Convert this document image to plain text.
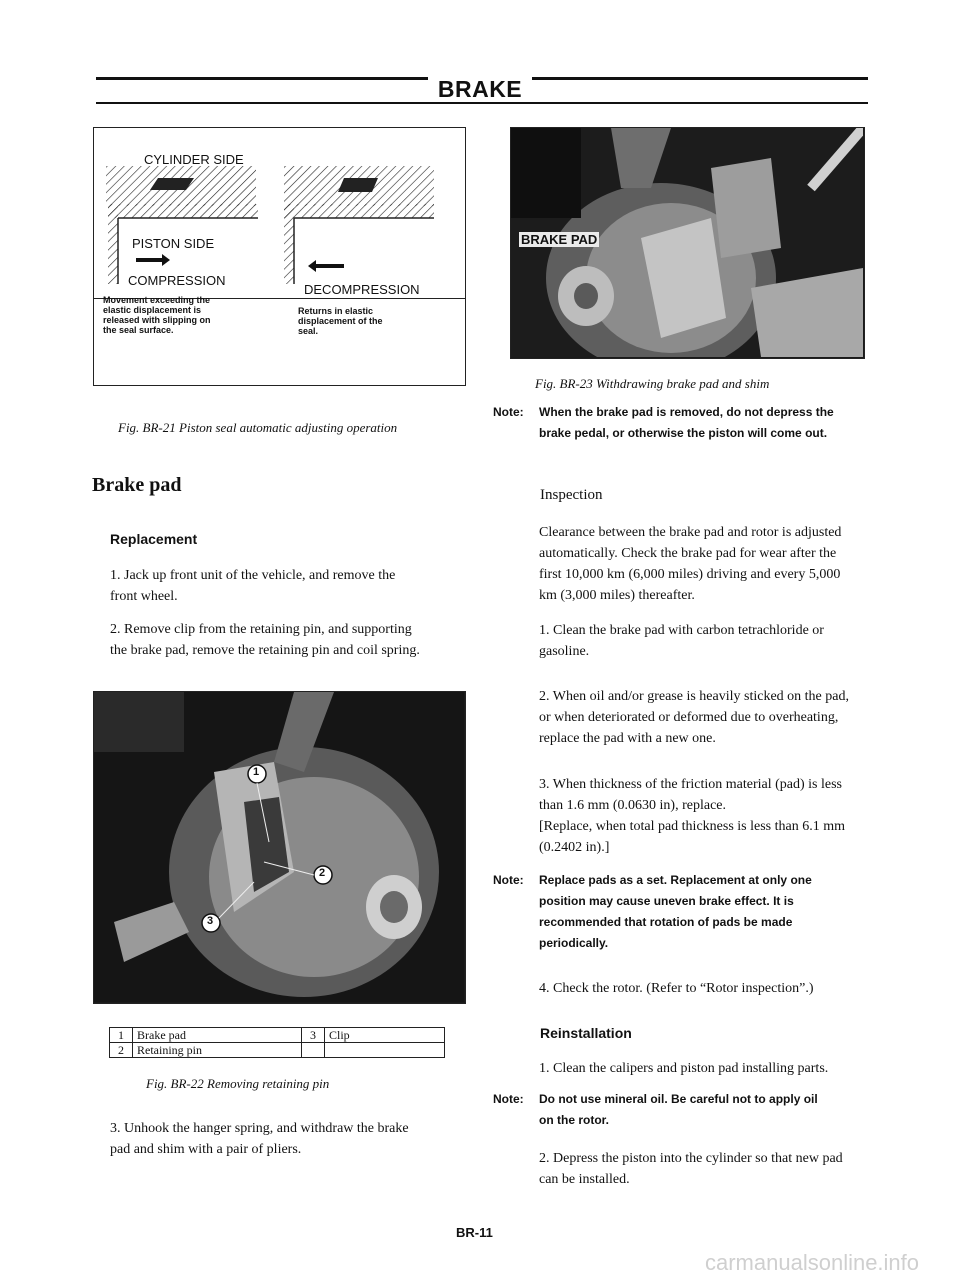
BRAKE
CYLINDER SIDE
PISTON SIDE
COMPRESSION
DECOMPRESSION
Movement exceeding the
elastic displacement is
released with slipping on
the seal surface.
Returns in elastic
displacement of the
seal.
Fig. BR-21 Piston seal automatic adjusting operation
Brake pad
Replacement
1. Jack up front unit of the vehicle, and remove the
front wheel.
2. Remove clip from the retaining pin, and supporting
the brake pad, remove the retaining pin and coil spring.
1
2
3
1	Brake pad	3	Clip
2	Retaining pin		
Fig. BR-22 Removing retaining pin
3. Unhook the hanger spring, and withdraw the brake
pad and shim with a pair of pliers.
BRAKE PAD
Fig. BR-23 Withdrawing brake pad and shim
Note: When the brake pad is removed, do not depress the
brake pedal, or otherwise the piston will come out.
Inspection
Clearance between the brake pad and rotor is adjusted
automatically. Check the brake pad for wear after the
first 10,000 km (6,000 miles) driving and every 5,000
km (3,000 miles) thereafter.
1. Clean the brake pad with carbon tetrachloride or
gasoline.
2. When oil and/or grease is heavily sticked on the pad,
or when deteriorated or deformed due to overheating,
replace the pad with a new one.
3. When thickness of the friction material (pad) is less
than 1.6 mm (0.0630 in), replace.
[Replace, when total pad thickness is less than 6.1 mm
(0.2402 in).]
Note: Replace pads as a set. Replacement at only one
position may cause uneven brake effect. It is
recommended that rotation of pads be made
periodically.
4. Check the rotor. (Refer to “Rotor inspection”.)
Reinstallation
1. Clean the calipers and piston pad installing parts.
Note: Do not use mineral oil. Be careful not to apply oil
on the rotor.
2. Depress the piston into the cylinder so that new pad
can be installed.
BR-11
carmanualsonline.info
